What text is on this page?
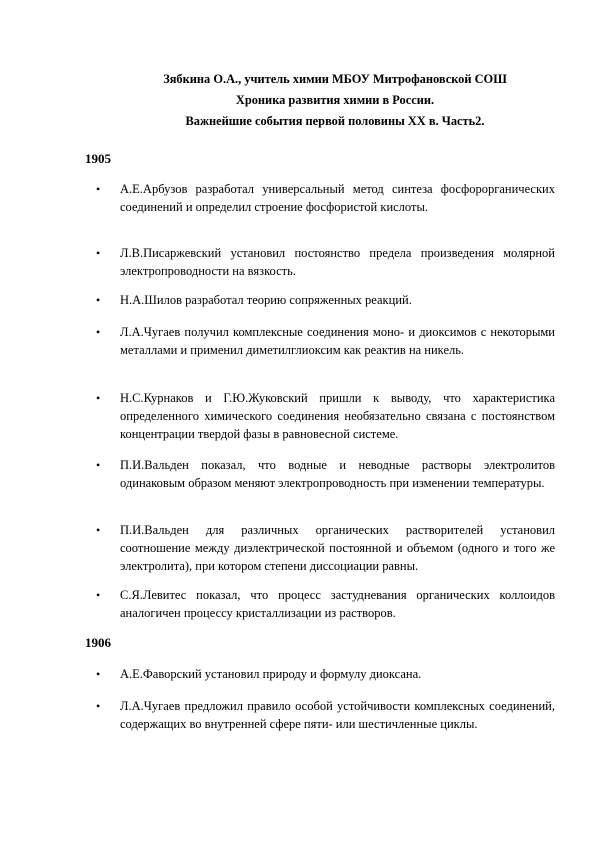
Зябкина О.А., учитель химии МБОУ Митрофановской СОШ
Хроника развития химии в России.
Важнейшие события первой половины XX в. Часть2.
1905
• А.Е.Арбузов разработал универсальный метод синтеза фосфорорганических соединений и определил строение фосфористой кислоты.
• Л.В.Писаржевский установил постоянство предела произведения молярной электропроводности на вязкость.
• Н.А.Шилов разработал теорию сопряженных реакций.
• Л.А.Чугаев получил комплексные соединения моно- и диоксимов с некоторыми металлами и применил диметилглиоксим как реактив на никель.
• Н.С.Курнаков и Г.Ю.Жуковский пришли к выводу, что характеристика определенного химического соединения необязательно связана с постоянством концентрации твердой фазы в равновесной системе.
• П.И.Вальден показал, что водные и неводные растворы электролитов одинаковым образом меняют электропроводность при изменении температуры.
• П.И.Вальден для различных органических растворителей установил соотношение между диэлектрической постоянной и объемом (одного и того же электролита), при котором степени диссоциации равны.
• С.Я.Левитес показал, что процесс застудневания органических коллоидов аналогичен процессу кристаллизации из растворов.
1906
• А.Е.Фаворский установил природу и формулу диоксана.
• Л.А.Чугаев предложил правило особой устойчивости комплексных соединений, содержащих во внутренней сфере пяти- или шестичленные циклы.
